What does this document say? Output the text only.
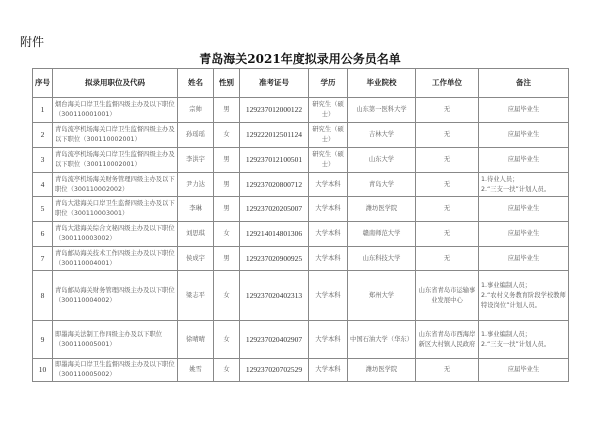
附件
青岛海关2021年度拟录用公务员名单
序号	拟录用职位及代码	姓名	性别	准考证号	学历	毕业院校	工作单位	备注
1	烟台海关口岸卫生监督四级主办及以下职位（300110001001）	宗帅	男	129237012000122	研究生（硕士）	山东第一医科大学	无	应届毕业生
2	青岛流亭机场海关口岸卫生监督四级主办及以下职位（300110002001）	孙瑶瑶	女	129222012501124	研究生（硕士）	吉林大学	无	应届毕业生
3	青岛流亭机场海关口岸卫生监督四级主办及以下职位（300110002001）	李洪宇	男	129237012100501	研究生（硕士）	山东大学	无	应届毕业生
4	青岛流亭机场海关财务管理四级主办及以下职位（300110002002）	尹力达	男	129237020800712	大学本科	青岛大学	无	1.待业人员；
2.“三支一扶”计划人员。
5	青岛大港海关口岸卫生监督四级主办及以下职位（300110003001）	李琳	男	129237020205007	大学本科	潍坊医学院	无	应届毕业生
6	青岛大港海关综合文秘四级主办及以下职位（300110003002）	刘思琪	女	129214014801306	大学本科	赣南师范大学	无	应届毕业生
7	青岛邮局海关技术工作四级主办及以下职位（300110004001）	侯成宇	男	129237020900925	大学本科	山东科技大学	无	应届毕业生
8	青岛邮局海关财务管理四级主办及以下职位（300110004002）	梁志平	女	129237020402313	大学本科	郑州大学	山东省青岛市运输事业发展中心	1.事业编制人员；
2.“农村义务教育阶段学校教师特设岗位”计划人员。
9	即墨海关法制工作四级主办及以下职位（300110005001）	徐晴晴	女	129237020402907	大学本科	中国石油大学（华东）	山东省青岛市西海岸新区大村镇人民政府	1.事业编制人员；
2.“三支一扶”计划人员。
10	即墨海关口岸卫生监督四级主办及以下职位（300110005002）	姚雪	女	129237020702529	大学本科	潍坊医学院	无	应届毕业生
